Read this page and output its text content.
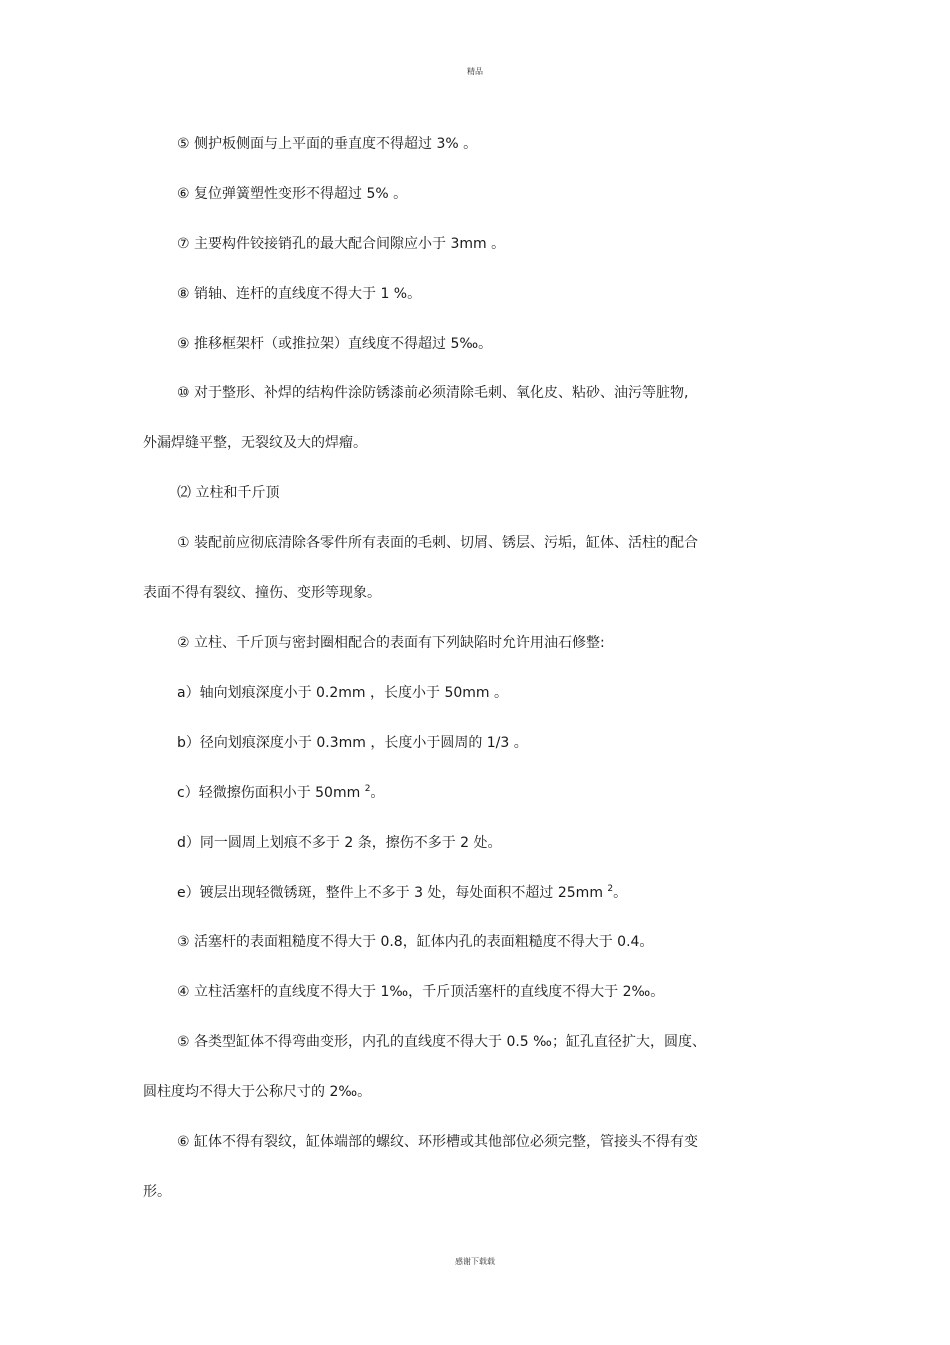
精品
⑤ 侧护板侧面与上平面的垂直度不得超过 3% 。
⑥ 复位弹簧塑性变形不得超过 5% 。
⑦ 主要构件铰接销孔的最大配合间隙应小于 3mm 。
⑧ 销轴、连杆的直线度不得大于 1 %。
⑨ 推移框架杆（或推拉架）直线度不得超过 5‰。
⑩ 对于整形、补焊的结构件涂防锈漆前必须清除毛刺、氧化皮、粘砂、油污等脏物,
外漏焊缝平整，无裂纹及大的焊瘤。
⑵ 立柱和千斤顶
① 装配前应彻底清除各零件所有表面的毛刺、切屑、锈层、污垢，缸体、活柱的配合
表面不得有裂纹、撞伤、变形等现象。
② 立柱、千斤顶与密封圈相配合的表面有下列缺陷时允许用油石修整:
a）轴向划痕深度小于 0.2mm ，长度小于 50mm 。
b）径向划痕深度小于 0.3mm ，长度小于圆周的 1/3 。
c）轻微擦伤面积小于 50mm $^2$。
d）同一圆周上划痕不多于 2 条，擦伤不多于 2 处。
e）镀层出现轻微锈斑，整件上不多于 3 处，每处面积不超过 25mm $^2$。
③ 活塞杆的表面粗糙度不得大于 0.8，缸体内孔的表面粗糙度不得大于 0.4。
④ 立柱活塞杆的直线度不得大于 1‰，千斤顶活塞杆的直线度不得大于 2‰。
⑤ 各类型缸体不得弯曲变形，内孔的直线度不得大于 0.5 ‰；缸孔直径扩大，圆度、
圆柱度均不得大于公称尺寸的 2‰。
⑥ 缸体不得有裂纹，缸体端部的螺纹、环形槽或其他部位必须完整，管接头不得有变
形。
感谢下载载
